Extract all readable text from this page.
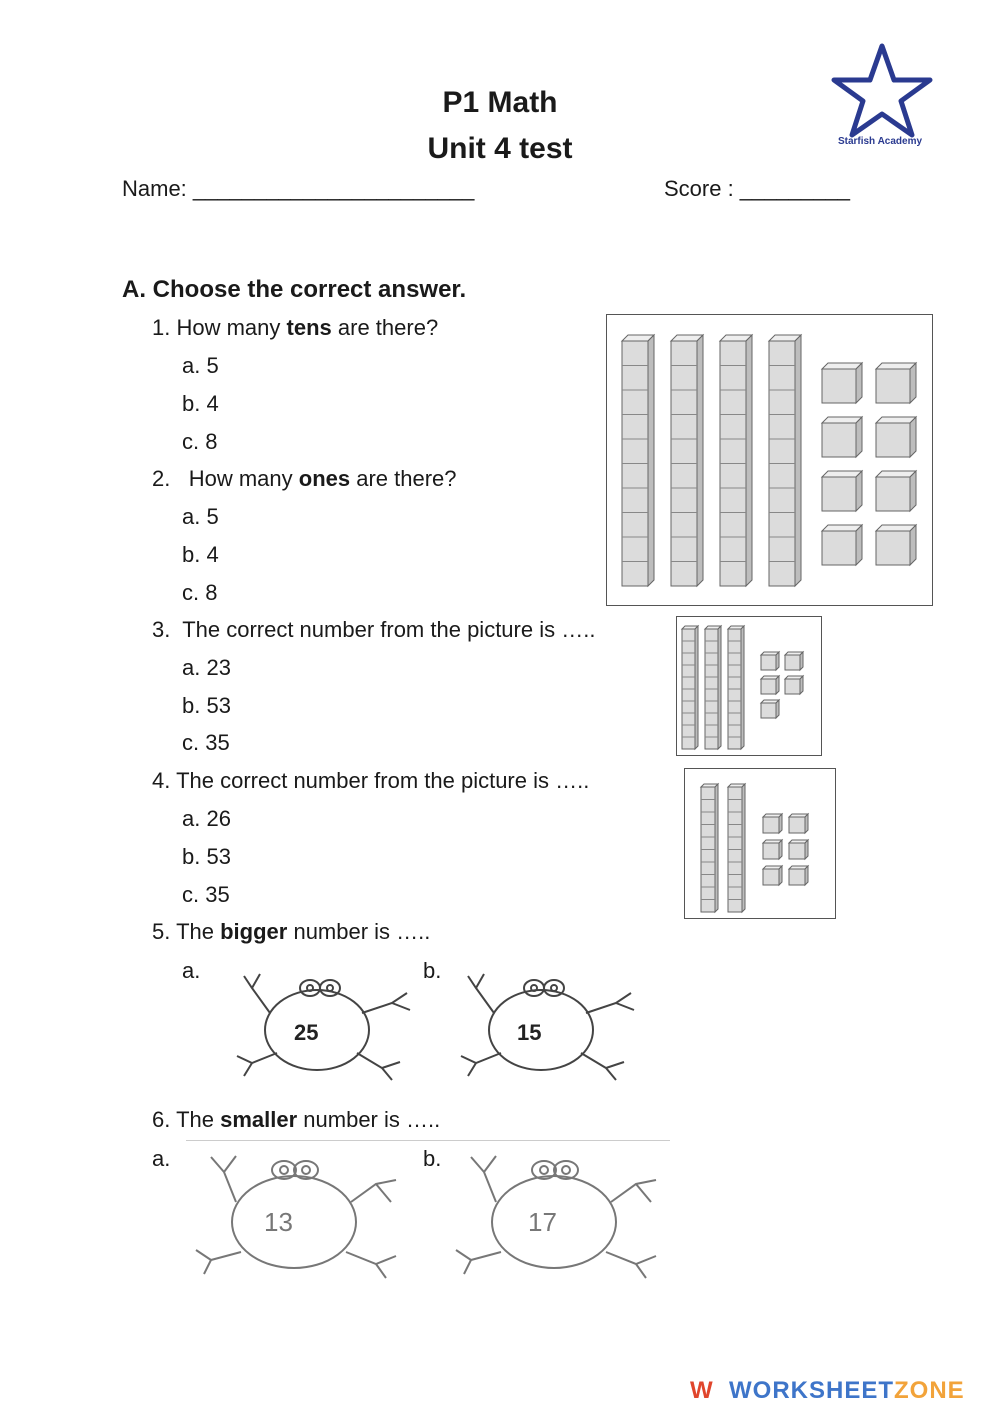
P1 Math
Unit 4 test	Starfish Academy
Name: _______________________	Score : _________
A. Choose the correct answer.
1. How many tens are there?
a. 5
b. 4
c. 8
2. How many ones are there?
a. 5
b. 4
c. 8
3. The correct number from the picture is …..
a. 23
b. 53
c. 35
4. The correct number from the picture is …..
a. 26
b. 53
c. 35
5. The bigger number is …..
a.	b.
25	15
6. The smaller number is …..
a.	b.
13	17
W WORKSHEETZONE
